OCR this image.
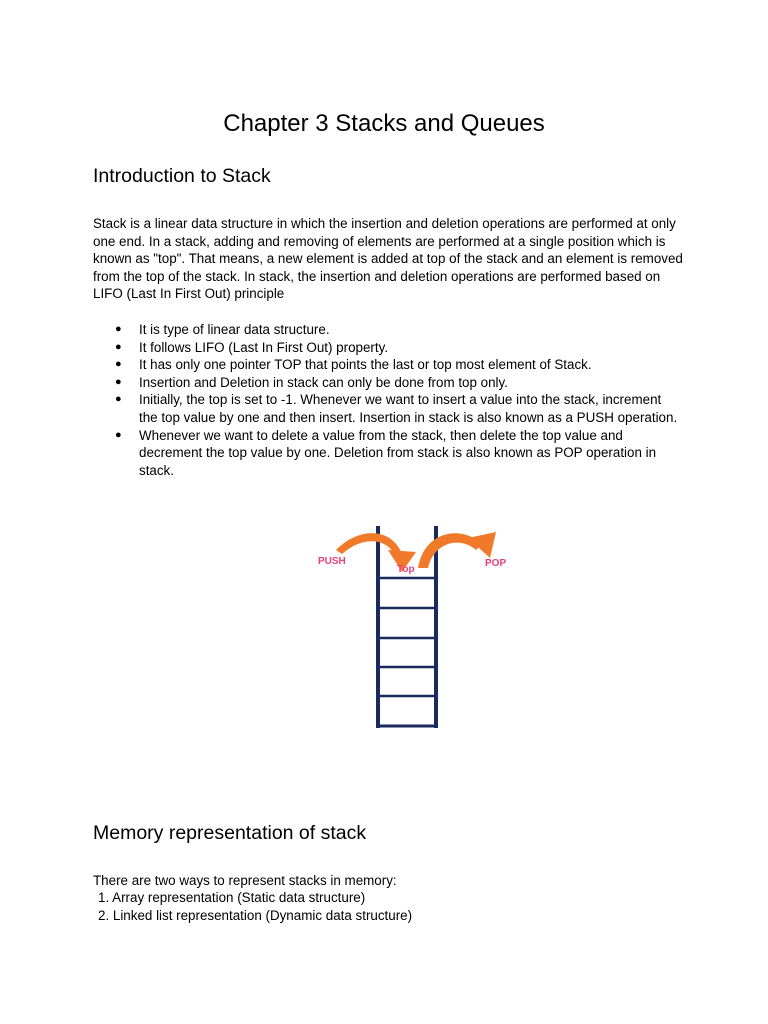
Chapter 3 Stacks and Queues
Introduction to Stack

Stack is a linear data structure in which the insertion and deletion operations are performed at only one end. In a stack, adding and removing of elements are performed at a single position which is known as "top". That means, a new element is added at top of the stack and an element is removed from the top of the stack. In stack, the insertion and deletion operations are performed based on LIFO (Last In First Out) principle

● It is type of linear data structure.
● It follows LIFO (Last In First Out) property.
● It has only one pointer TOP that points the last or top most element of Stack.
● Insertion and Deletion in stack can only be done from top only.
● Initially, the top is set to -1. Whenever we want to insert a value into the stack, increment the top value by one and then insert. Insertion in stack is also known as a PUSH operation.
● Whenever we want to delete a value from the stack, then delete the top value and decrement the top value by one. Deletion from stack is also known as POP operation in stack.
PUSH
Top
POP
Memory representation of stack

There are two ways to represent stacks in memory:

1. Array representation (Static data structure)
2. Linked list representation (Dynamic data structure)
